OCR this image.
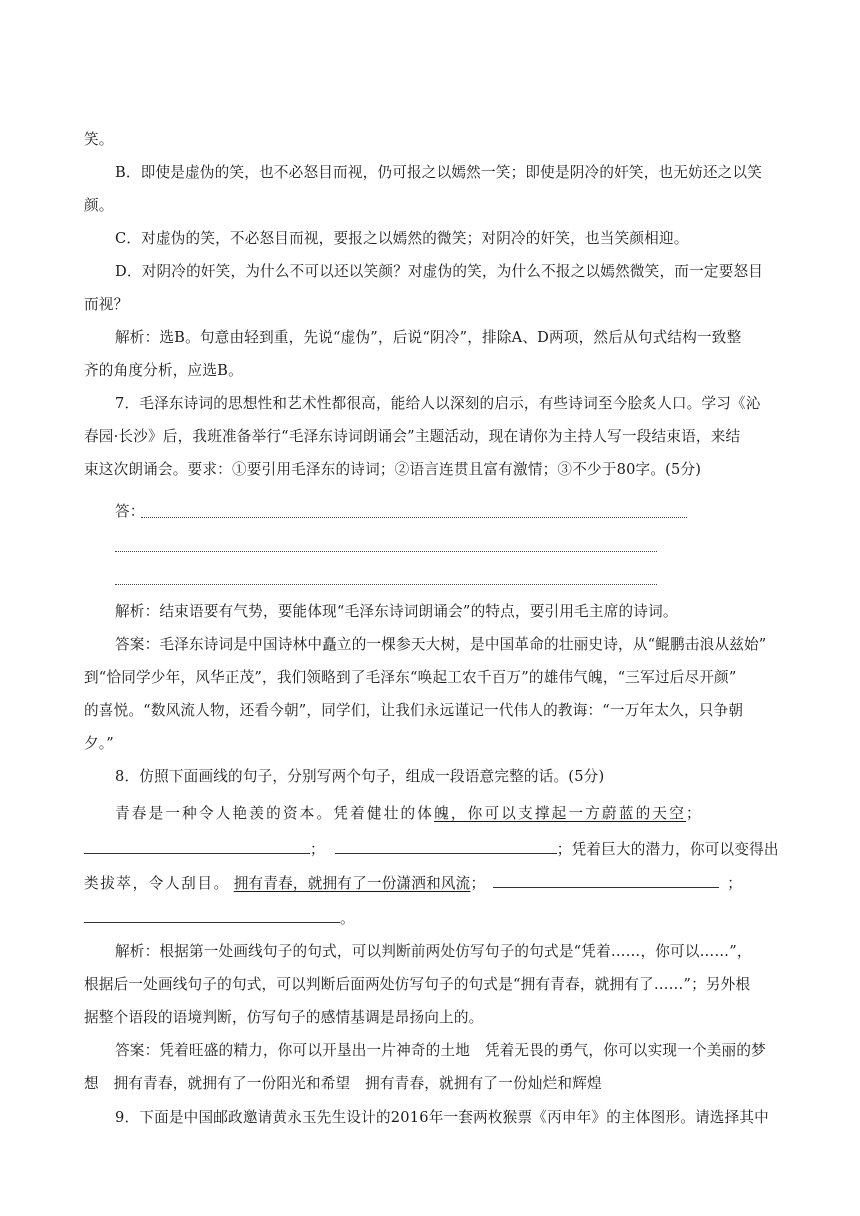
笑。
B．即使是虚伪的笑，也不必怒目而视，仍可报之以嫣然一笑；即使是阴冷的奸笑，也无妨还之以笑
颜。
C．对虚伪的笑，不必怒目而视，要报之以嫣然的微笑；对阴冷的奸笑，也当笑颜相迎。
D．对阴冷的奸笑，为什么不可以还以笑颜？对虚伪的笑，为什么不报之以嫣然微笑，而一定要怒目
而视？
解析：选B。句意由轻到重，先说“虚伪”，后说“阴冷”，排除A、D两项，然后从句式结构一致整
齐的角度分析，应选B。
7．毛泽东诗词的思想性和艺术性都很高，能给人以深刻的启示，有些诗词至今脍炙人口。学习《沁
春园·长沙》后，我班准备举行“毛泽东诗词朗诵会”主题活动，现在请你为主持人写一段结束语，来结
束这次朗诵会。要求：①要引用毛泽东的诗词；②语言连贯且富有激情；③不少于80字。(5分)
答：
解析：结束语要有气势，要能体现“毛泽东诗词朗诵会”的特点，要引用毛主席的诗词。
答案：毛泽东诗词是中国诗林中矗立的一棵参天大树，是中国革命的壮丽史诗，从“鲲鹏击浪从兹始”
到“恰同学少年，风华正茂”，我们领略到了毛泽东“唤起工农千百万”的雄伟气魄，“三军过后尽开颜”
的喜悦。“数风流人物，还看今朝”，同学们，让我们永远谨记一代伟人的教诲：“一万年太久，只争朝
夕。”
8．仿照下面画线的句子，分别写两个句子，组成一段语意完整的话。(5分)
青春是一种令人艳羡的资本。凭着健壮的体魄，你可以支撑起一方蔚蓝的天空；
；	；凭着巨大的潜力，你可以变得出
类拔萃，令人刮目。 拥有青春，就拥有了一份潇洒和风流；	；
。
解析：根据第一处画线句子的句式，可以判断前两处仿写句子的句式是“凭着……，你可以……”，
根据后一处画线句子的句式，可以判断后面两处仿写句子的句式是“拥有青春，就拥有了……”；另外根
据整个语段的语境判断，仿写句子的感情基调是昂扬向上的。
答案：凭着旺盛的精力，你可以开垦出一片神奇的土地　凭着无畏的勇气，你可以实现一个美丽的梦
想　拥有青春，就拥有了一份阳光和希望　拥有青春，就拥有了一份灿烂和辉煌
9．下面是中国邮政邀请黄永玉先生设计的2016年一套两枚猴票《丙申年》的主体图形。请选择其中
